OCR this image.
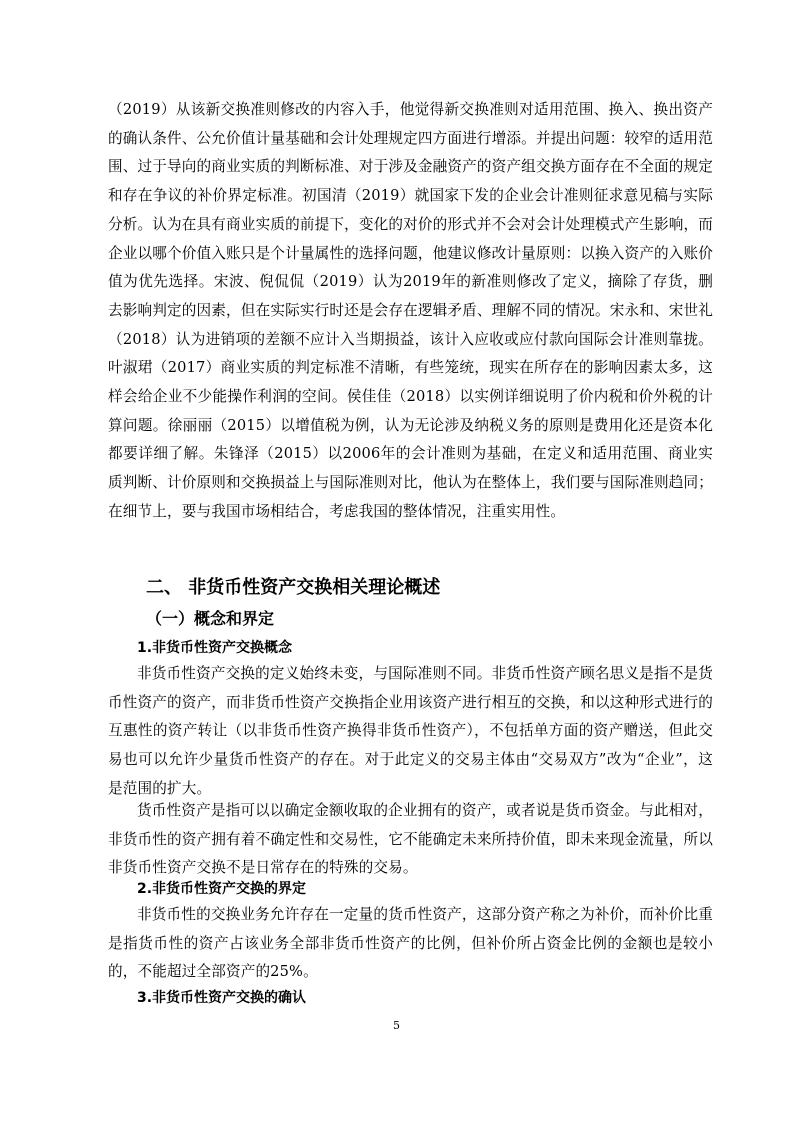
（2019）从该新交换准则修改的内容入手，他觉得新交换准则对适用范围、换入、换出资产的确认条件、公允价值计量基础和会计处理规定四方面进行增添。并提出问题：较窄的适用范围、过于导向的商业实质的判断标准、对于涉及金融资产的资产组交换方面存在不全面的规定和存在争议的补价界定标准。初国清（2019）就国家下发的企业会计准则征求意见稿与实际分析。认为在具有商业实质的前提下，变化的对价的形式并不会对会计处理模式产生影响，而企业以哪个价值入账只是个计量属性的选择问题，他建议修改计量原则：以换入资产的入账价值为优先选择。宋波、倪侃侃（2019）认为2019年的新准则修改了定义，摘除了存货，删去影响判定的因素，但在实际实行时还是会存在逻辑矛盾、理解不同的情况。宋永和、宋世礼（2018）认为进销项的差额不应计入当期损益，该计入应收或应付款向国际会计准则靠拢。 叶淑珺（2017）商业实质的判定标准不清晰，有些笼统，现实在所存在的影响因素太多，这样会给企业不少能操作利润的空间。侯佳佳（2018）以实例详细说明了价内税和价外税的计算问题。徐丽丽（2015）以增值税为例，认为无论涉及纳税义务的原则是费用化还是资本化都要详细了解。朱锋泽（2015）以2006年的会计准则为基础，在定义和适用范围、商业实质判断、计价原则和交换损益上与国际准则对比，他认为在整体上，我们要与国际准则趋同；在细节上，要与我国市场相结合，考虑我国的整体情况，注重实用性。

二、 非货币性资产交换相关理论概述
（一）概念和界定
1.非货币性资产交换概念

非货币性资产交换的定义始终未变，与国际准则不同。非货币性资产顾名思义是指不是货币性资产的资产，而非货币性资产交换指企业用该资产进行相互的交换，和以这种形式进行的互惠性的资产转让（以非货币性资产换得非货币性资产），不包括单方面的资产赠送，但此交易也可以允许少量货币性资产的存在。对于此定义的交易主体由“交易双方”改为“企业”，这是范围的扩大。

货币性资产是指可以以确定金额收取的企业拥有的资产，或者说是货币资金。与此相对，非货币性的资产拥有着不确定性和交易性，它不能确定未来所持价值，即未来现金流量，所以非货币性资产交换不是日常存在的特殊的交易。

2.非货币性资产交换的界定

非货币性的交换业务允许存在一定量的货币性资产，这部分资产称之为补价，而补价比重是指货币性的资产占该业务全部非货币性资产的比例，但补价所占资金比例的金额也是较小的，不能超过全部资产的25%。

3.非货币性资产交换的确认
5
